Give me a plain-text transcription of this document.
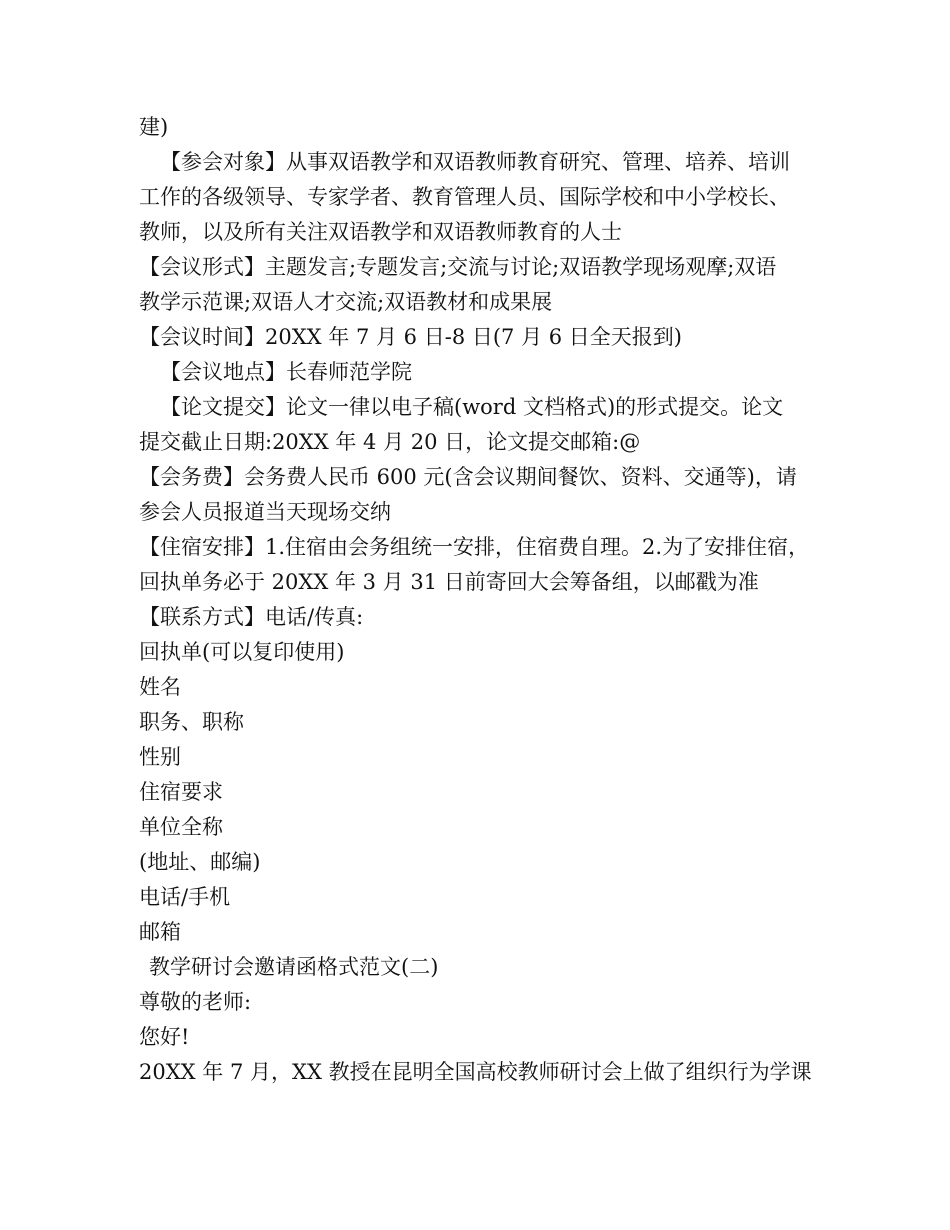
建)
【参会对象】从事双语教学和双语教师教育研究、管理、培养、培训
工作的各级领导、专家学者、教育管理人员、国际学校和中小学校长、
教师，以及所有关注双语教学和双语教师教育的人士
【会议形式】主题发言;专题发言;交流与讨论;双语教学现场观摩;双语
教学示范课;双语人才交流;双语教材和成果展
【会议时间】20XX 年 7 月 6 日-8 日(7 月 6 日全天报到)
【会议地点】长春师范学院
【论文提交】论文一律以电子稿(word 文档格式)的形式提交。论文
提交截止日期:20XX 年 4 月 20 日，论文提交邮箱:@
【会务费】会务费人民币 600 元(含会议期间餐饮、资料、交通等)，请
参会人员报道当天现场交纳
【住宿安排】1.住宿由会务组统一安排，住宿费自理。2.为了安排住宿，
回执单务必于 20XX 年 3 月 31 日前寄回大会筹备组，以邮戳为准
【联系方式】电话/传真:
回执单(可以复印使用)
姓名
职务、职称
性别
住宿要求
单位全称
(地址、邮编)
电话/手机
邮箱
教学研讨会邀请函格式范文(二)
尊敬的老师:
您好!
20XX 年 7 月，XX 教授在昆明全国高校教师研讨会上做了组织行为学课
